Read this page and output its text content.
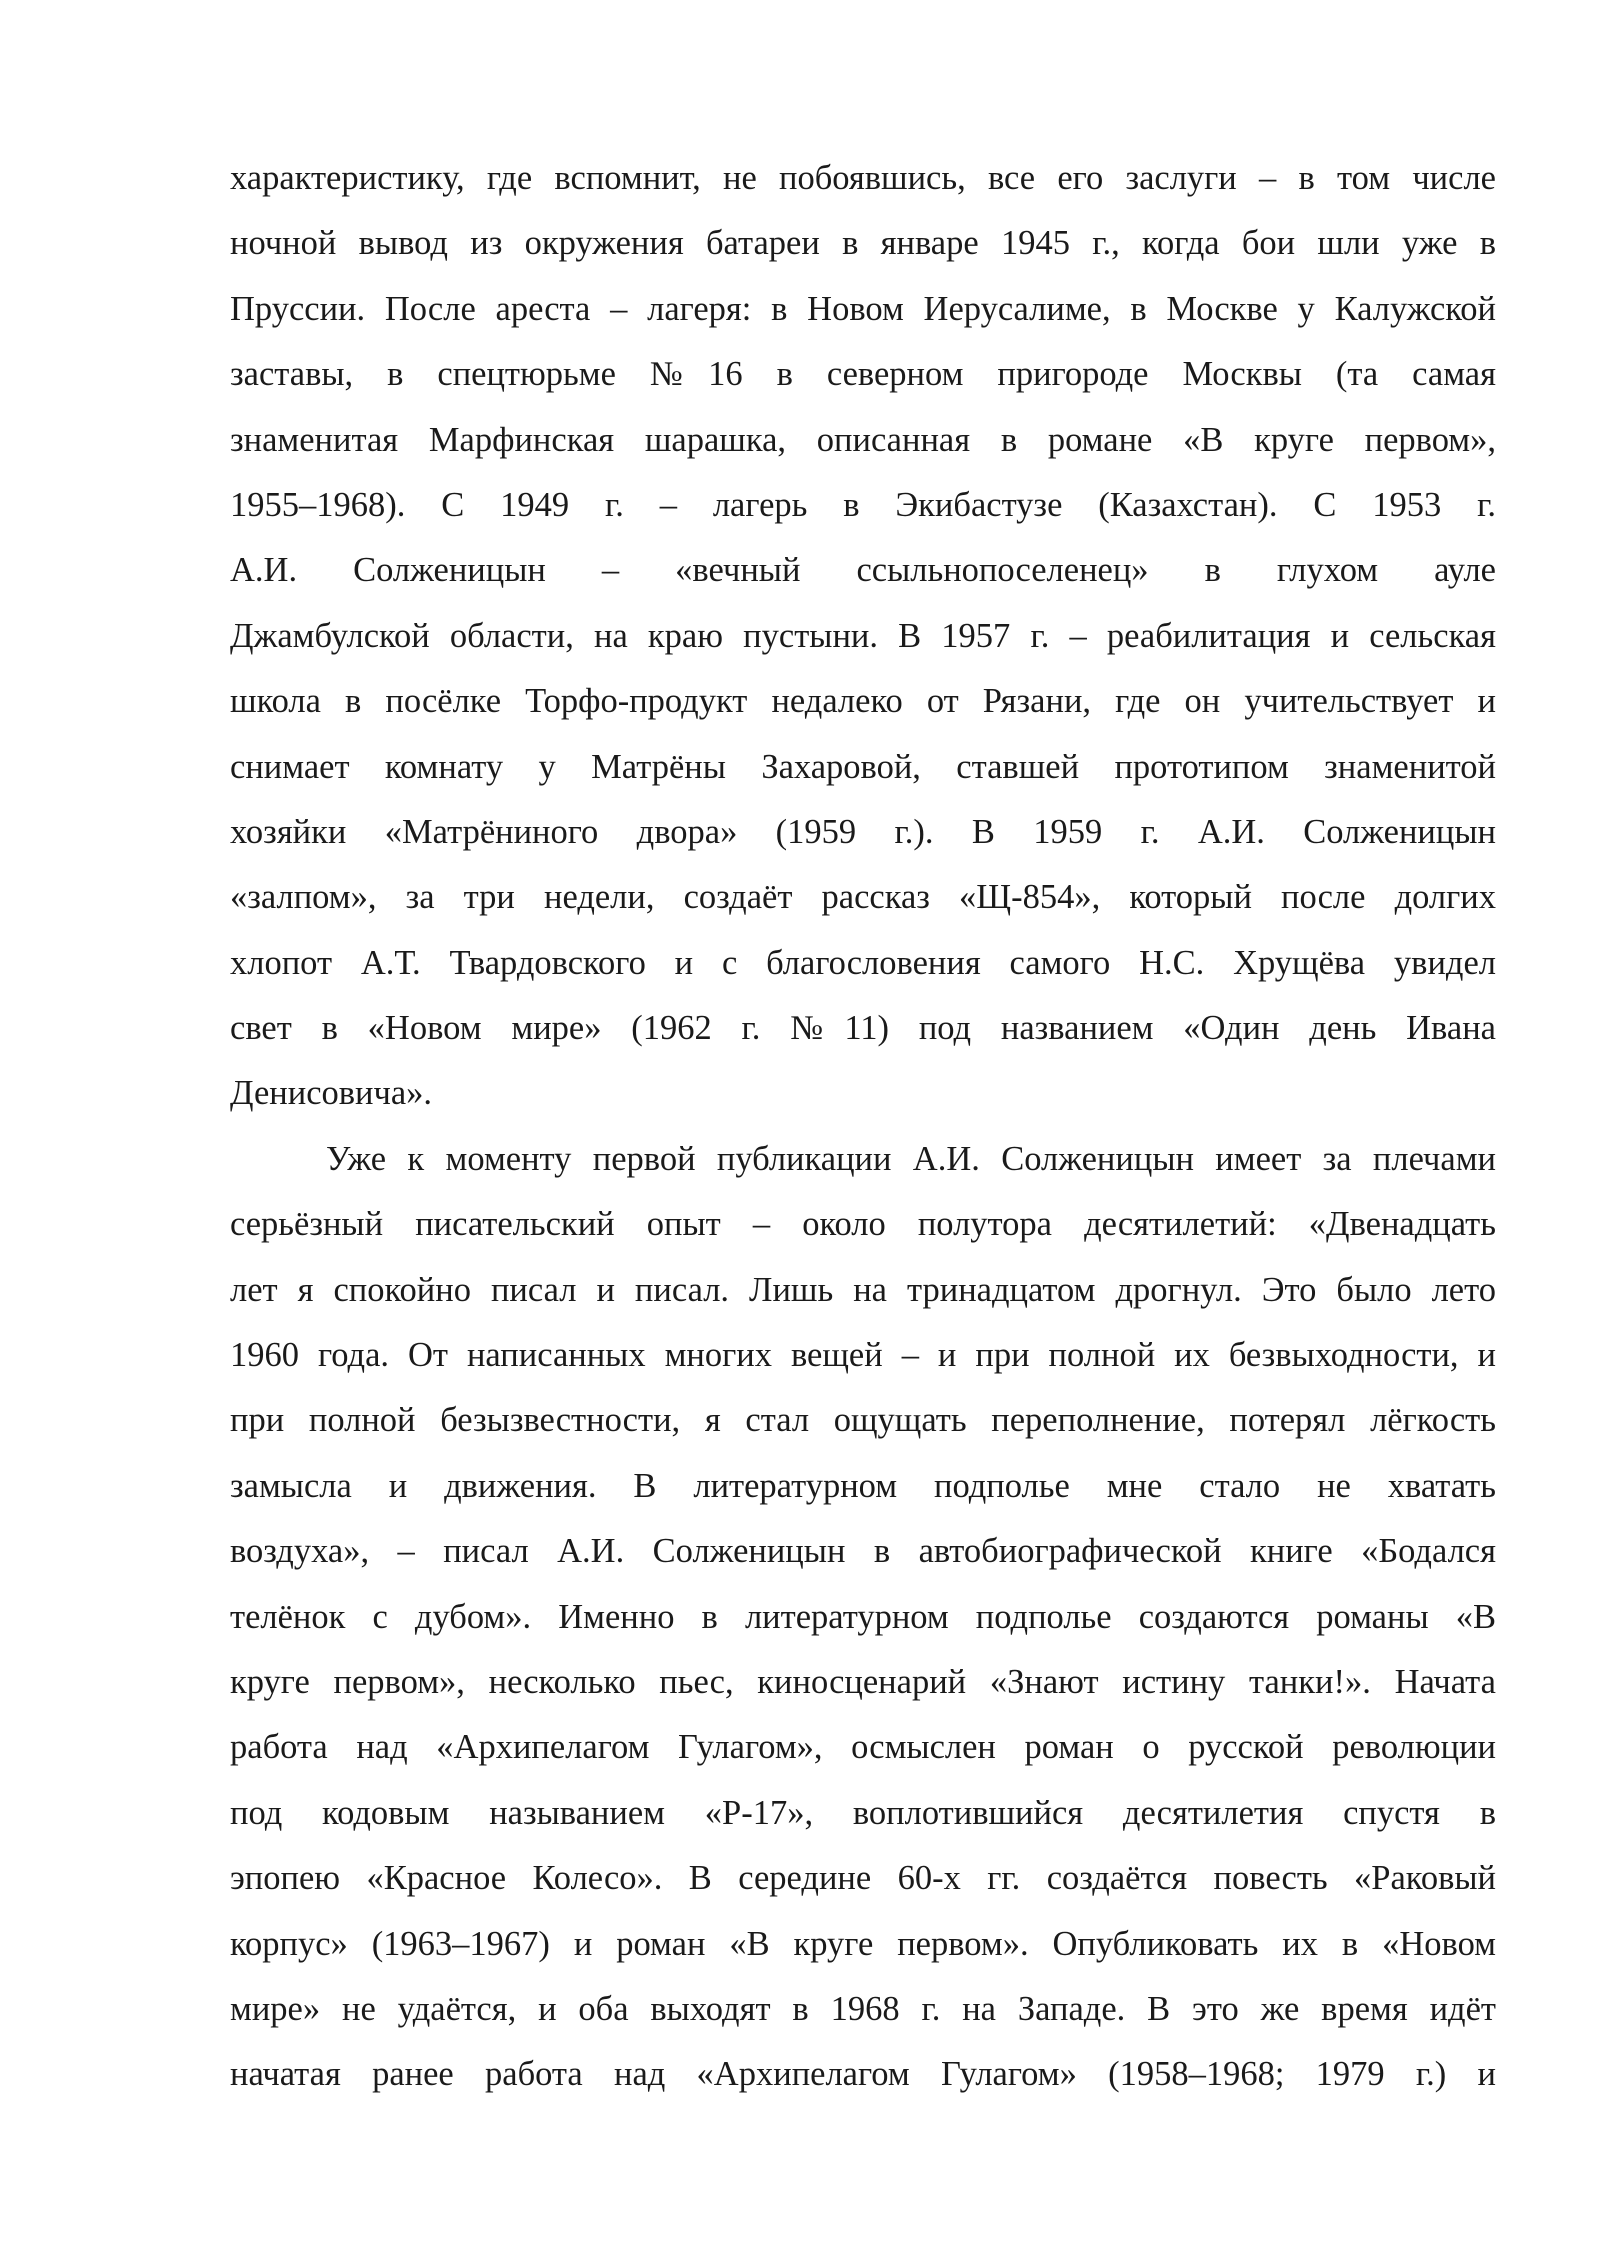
характеристику, где вспомнит, не побоявшись, все его заслуги – в том числе
ночной вывод из окружения батареи в январе 1945 г., когда бои шли уже в
Пруссии. После ареста – лагеря: в Новом Иерусалиме, в Москве у Калужской
заставы, в спецтюрьме №16 в северном пригороде Москвы (та самая
знаменитая Марфинская шарашка, описанная в романе «В круге первом»,
1955–1968). С 1949 г. – лагерь в Экибастузе (Казахстан). С 1953 г.
А.И. Солженицын – «вечный ссыльнопоселенец» в глухом ауле
Джамбулской области, на краю пустыни. В 1957 г. – реабилитация и сельская
школа в посёлке Торфо-продукт недалеко от Рязани, где он учительствует и
снимает комнату у Матрёны Захаровой, ставшей прототипом знаменитой
хозяйки «Матрёниного двора» (1959 г.). В 1959 г. А.И. Солженицын
«залпом», за три недели, создаёт рассказ «Щ-854», который после долгих
хлопот А.Т. Твардовского и с благословения самого Н.С. Хрущёва увидел
свет в «Новом мире» (1962 г. №11) под названием «Один день Ивана
Денисовича».
Уже к моменту первой публикации А.И. Солженицын имеет за плечами
серьёзный писательский опыт – около полутора десятилетий: «Двенадцать
лет я спокойно писал и писал. Лишь на тринадцатом дрогнул. Это было лето
1960 года. От написанных многих вещей – и при полной их безвыходности, и
при полной безызвестности, я стал ощущать переполнение, потерял лёгкость
замысла и движения. В литературном подполье мне стало не хватать
воздуха», – писал А.И. Солженицын в автобиографической книге «Бодался
телёнок с дубом». Именно в литературном подполье создаются романы «В
круге первом», несколько пьес, киносценарий «Знают истину танки!». Начата
работа над «Архипелагом Гулагом», осмыслен роман о русской революции
под кодовым называнием «Р-17», воплотившийся десятилетия спустя в
эпопею «Красное Колесо». В середине 60-х гг. создаётся повесть «Раковый
корпус» (1963–1967) и роман «В круге первом». Опубликовать их в «Новом
мире» не удаётся, и оба выходят в 1968 г. на Западе. В это же время идёт
начатая ранее работа над «Архипелагом Гулагом» (1958–1968; 1979 г.) и
